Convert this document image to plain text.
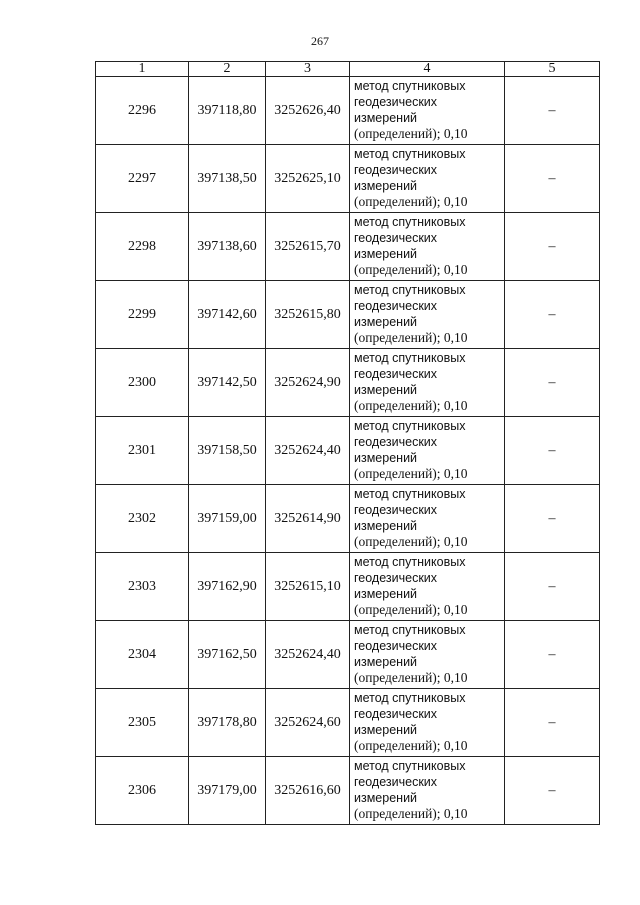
267
1	2	3	4	5
2296	397118,80	3252626,40	метод спутниковых
геодезических
измерений
(определений); 0,10	–
2297	397138,50	3252625,10	метод спутниковых
геодезических
измерений
(определений); 0,10	–
2298	397138,60	3252615,70	метод спутниковых
геодезических
измерений
(определений); 0,10	–
2299	397142,60	3252615,80	метод спутниковых
геодезических
измерений
(определений); 0,10	–
2300	397142,50	3252624,90	метод спутниковых
геодезических
измерений
(определений); 0,10	–
2301	397158,50	3252624,40	метод спутниковых
геодезических
измерений
(определений); 0,10	–
2302	397159,00	3252614,90	метод спутниковых
геодезических
измерений
(определений); 0,10	–
2303	397162,90	3252615,10	метод спутниковых
геодезических
измерений
(определений); 0,10	–
2304	397162,50	3252624,40	метод спутниковых
геодезических
измерений
(определений); 0,10	–
2305	397178,80	3252624,60	метод спутниковых
геодезических
измерений
(определений); 0,10	–
2306	397179,00	3252616,60	метод спутниковых
геодезических
измерений
(определений); 0,10	–
